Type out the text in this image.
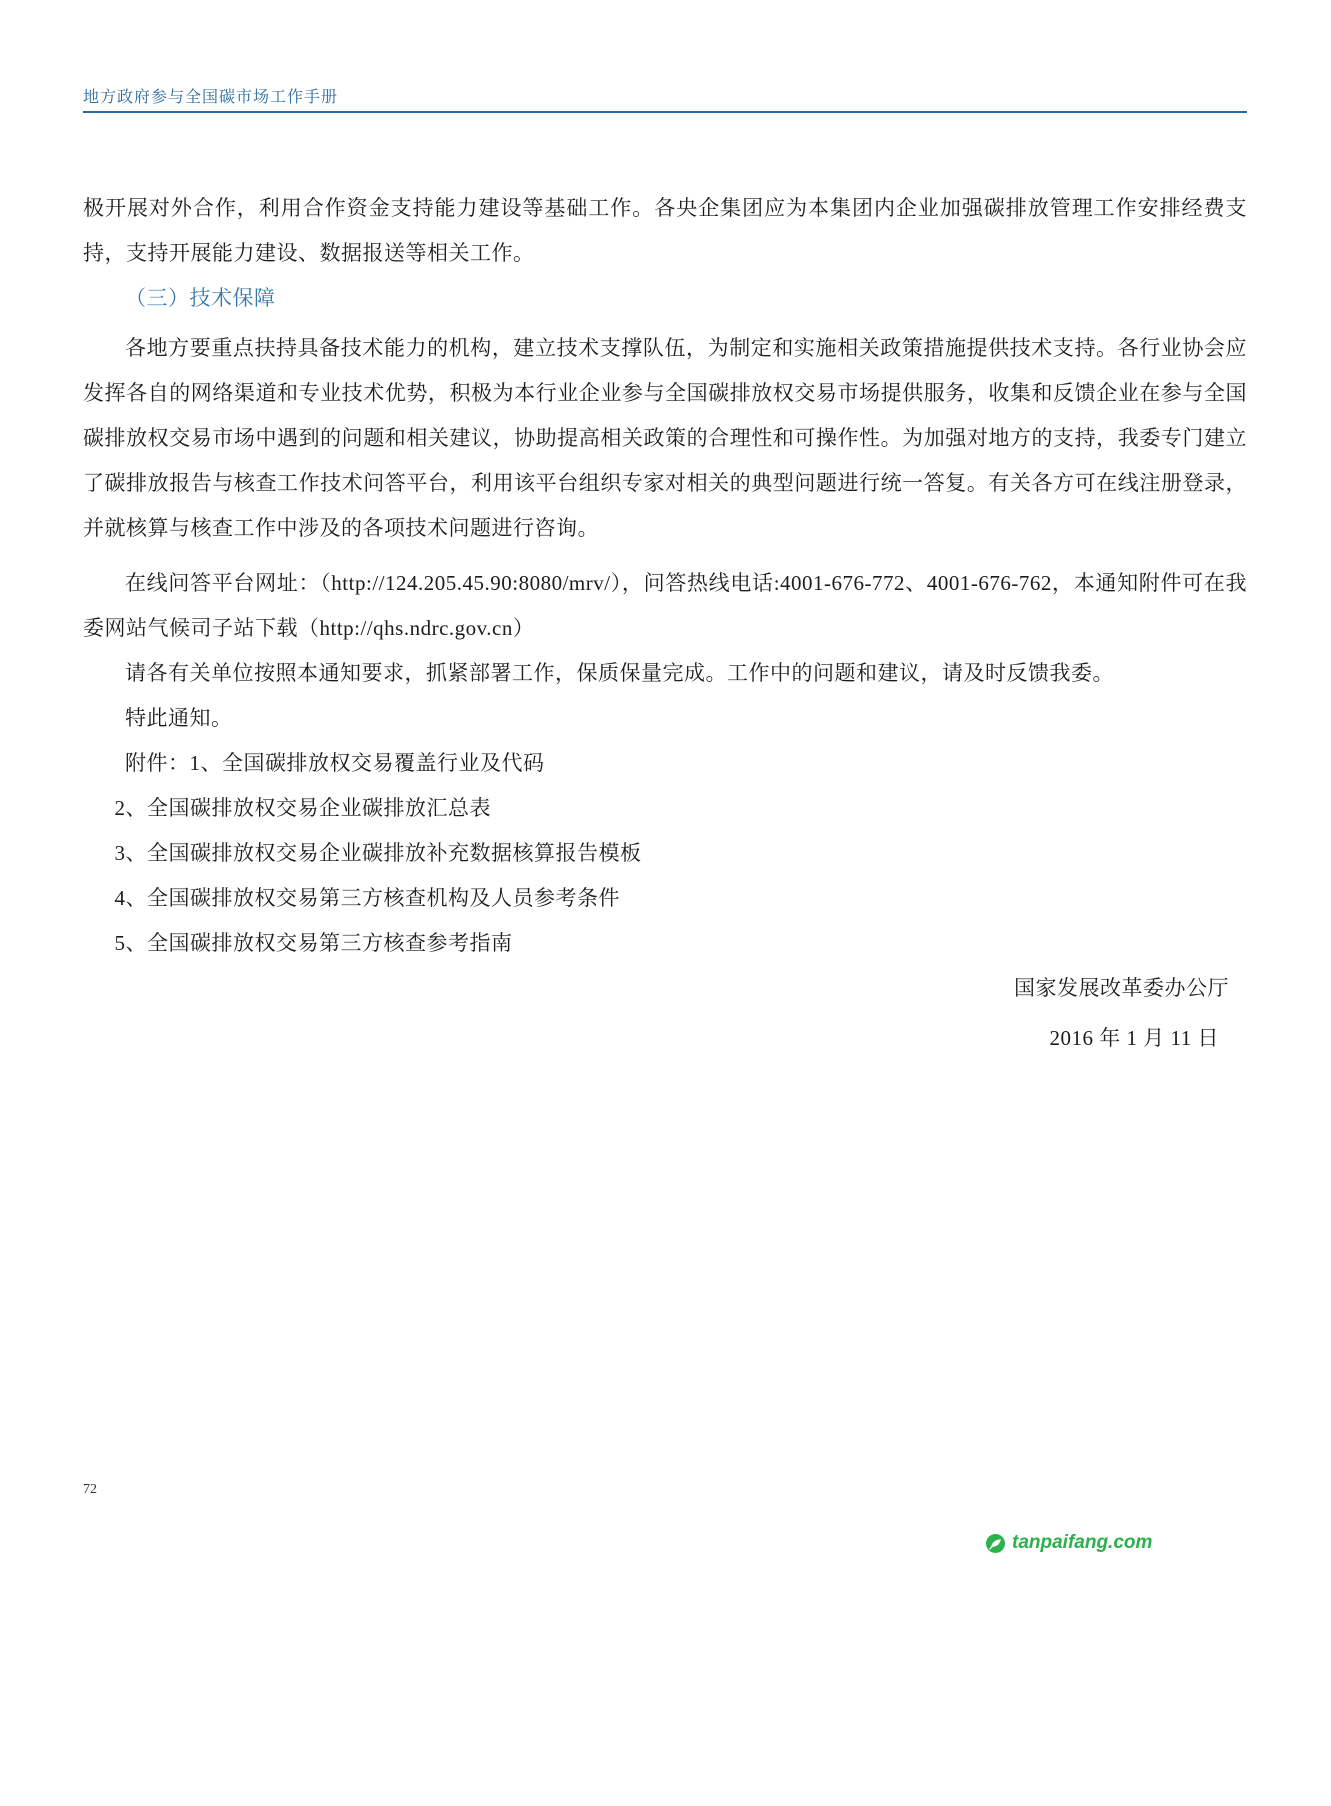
地方政府参与全国碳市场工作手册

极开展对外合作，利用合作资金支持能力建设等基础工作。各央企集团应为本集团内企业加强碳排放管理工作安排经费支持，支持开展能力建设、数据报送等相关工作。

（三）技术保障

各地方要重点扶持具备技术能力的机构，建立技术支撑队伍，为制定和实施相关政策措施提供技术支持。各行业协会应发挥各自的网络渠道和专业技术优势，积极为本行业企业参与全国碳排放权交易市场提供服务，收集和反馈企业在参与全国碳排放权交易市场中遇到的问题和相关建议，协助提高相关政策的合理性和可操作性。为加强对地方的支持，我委专门建立了碳排放报告与核查工作技术问答平台，利用该平台组织专家对相关的典型问题进行统一答复。有关各方可在线注册登录，并就核算与核查工作中涉及的各项技术问题进行咨询。

在线问答平台网址：（http://124.205.45.90:8080/mrv/），问答热线电话:4001-676-772、4001-676-762，本通知附件可在我委网站气候司子站下载（http://qhs.ndrc.gov.cn）

请各有关单位按照本通知要求，抓紧部署工作，保质保量完成。工作中的问题和建议，请及时反馈我委。

特此通知。

附件：1、全国碳排放权交易覆盖行业及代码

2、全国碳排放权交易企业碳排放汇总表

3、全国碳排放权交易企业碳排放补充数据核算报告模板

4、全国碳排放权交易第三方核查机构及人员参考条件

5、全国碳排放权交易第三方核查参考指南

国家发展改革委办公厅

2016 年 1 月 11 日

72
tanpaifang.com
